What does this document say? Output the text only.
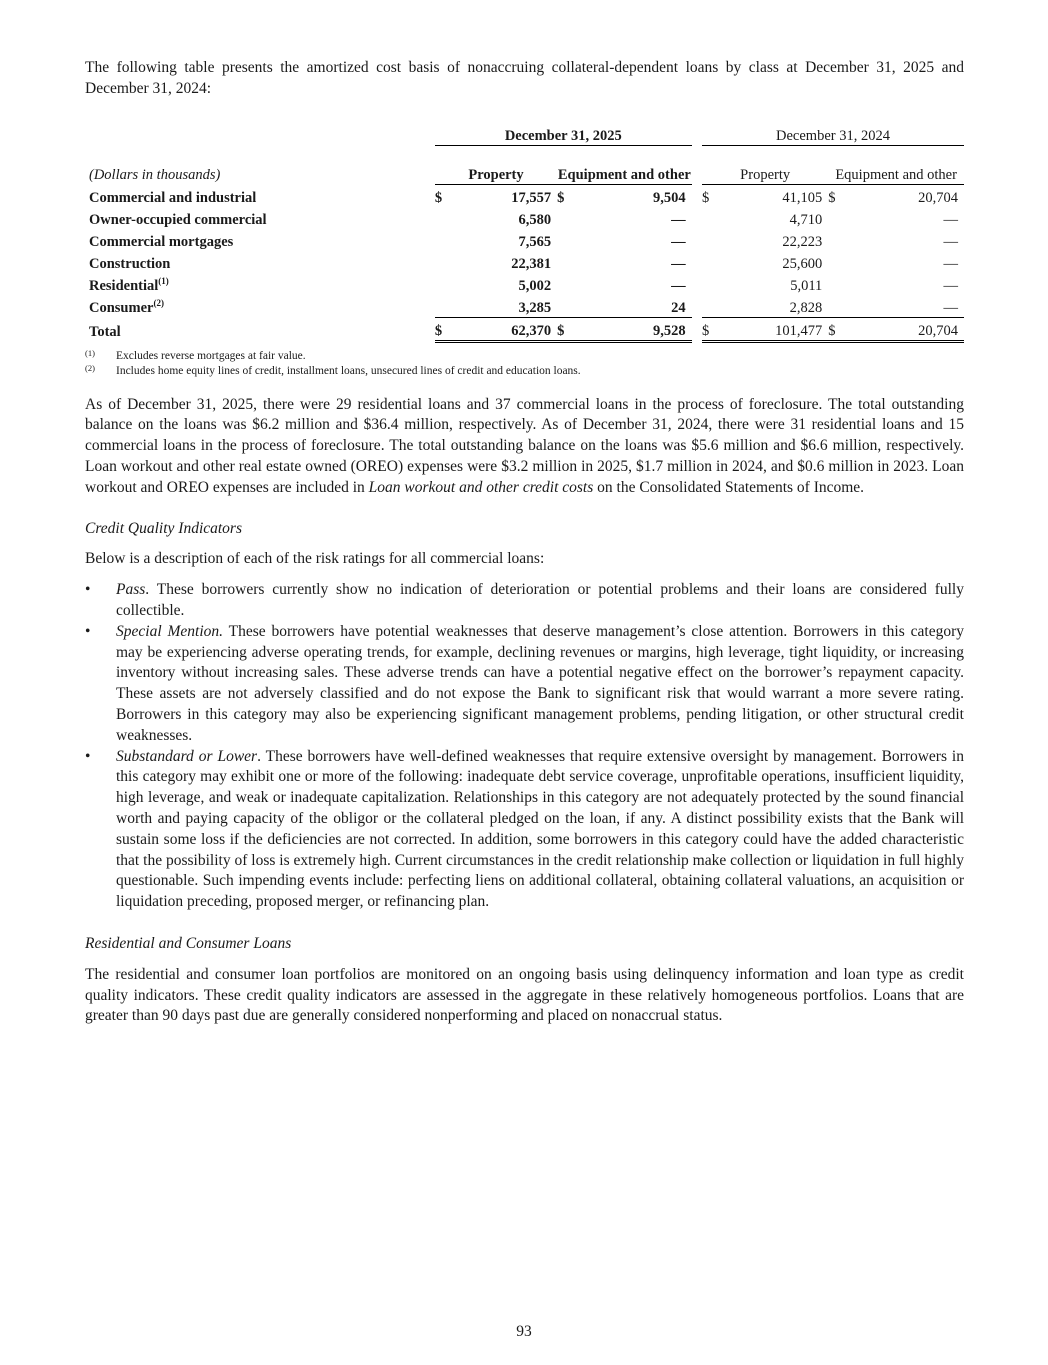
The following table presents the amortized cost basis of nonaccruing collateral-dependent loans by class at December 31, 2025 and December 31, 2024:

	December 31, 2025					December 31, 2024			
(Dollars in thousands)	Property		Equipment and other			Property		Equipment and other	
Commercial and industrial	$	17,557	$	9,504		$	41,105	$	20,704
Owner-occupied commercial		6,580		—			4,710		—
Commercial mortgages		7,565		—			22,223		—
Construction		22,381		—			25,600		—
Residential$^{(1)}$		5,002		—			5,011		—
Consumer$^{(2)}$		3,285		24			2,828		—
Total	$	62,370	$	9,528		$	101,477	$	20,704
(1)	Excludes reverse mortgages at fair value.
(2)	Includes home equity lines of credit, installment loans, unsecured lines of credit and education loans.

As of December 31, 2025, there were 29 residential loans and 37 commercial loans in the process of foreclosure. The total outstanding balance on the loans was $6.2 million and $36.4 million, respectively. As of December 31, 2024, there were 31 residential loans and 15 commercial loans in the process of foreclosure. The total outstanding balance on the loans was $5.6 million and $6.6 million, respectively. Loan workout and other real estate owned (OREO) expenses were $3.2 million in 2025, $1.7 million in 2024, and $0.6 million in 2023. Loan workout and OREO expenses are included in Loan workout and other credit costs on the Consolidated Statements of Income.

Credit Quality Indicators

Below is a description of each of the risk ratings for all commercial loans:

• Pass. These borrowers currently show no indication of deterioration or potential problems and their loans are considered fully collectible.
• Special Mention. These borrowers have potential weaknesses that deserve management’s close attention. Borrowers in this category may be experiencing adverse operating trends, for example, declining revenues or margins, high leverage, tight liquidity, or increasing inventory without increasing sales. These adverse trends can have a potential negative effect on the borrower’s repayment capacity. These assets are not adversely classified and do not expose the Bank to significant risk that would warrant a more severe rating. Borrowers in this category may also be experiencing significant management problems, pending litigation, or other structural credit weaknesses.
• Substandard or Lower. These borrowers have well-defined weaknesses that require extensive oversight by management. Borrowers in this category may exhibit one or more of the following: inadequate debt service coverage, unprofitable operations, insufficient liquidity, high leverage, and weak or inadequate capitalization. Relationships in this category are not adequately protected by the sound financial worth and paying capacity of the obligor or the collateral pledged on the loan, if any. A distinct possibility exists that the Bank will sustain some loss if the deficiencies are not corrected. In addition, some borrowers in this category could have the added characteristic that the possibility of loss is extremely high. Current circumstances in the credit relationship make collection or liquidation in full highly questionable. Such impending events include: perfecting liens on additional collateral, obtaining collateral valuations, an acquisition or liquidation preceding, proposed merger, or refinancing plan.

Residential and Consumer Loans

The residential and consumer loan portfolios are monitored on an ongoing basis using delinquency information and loan type as credit quality indicators. These credit quality indicators are assessed in the aggregate in these relatively homogeneous portfolios. Loans that are greater than 90 days past due are generally considered nonperforming and placed on nonaccrual status.

93
